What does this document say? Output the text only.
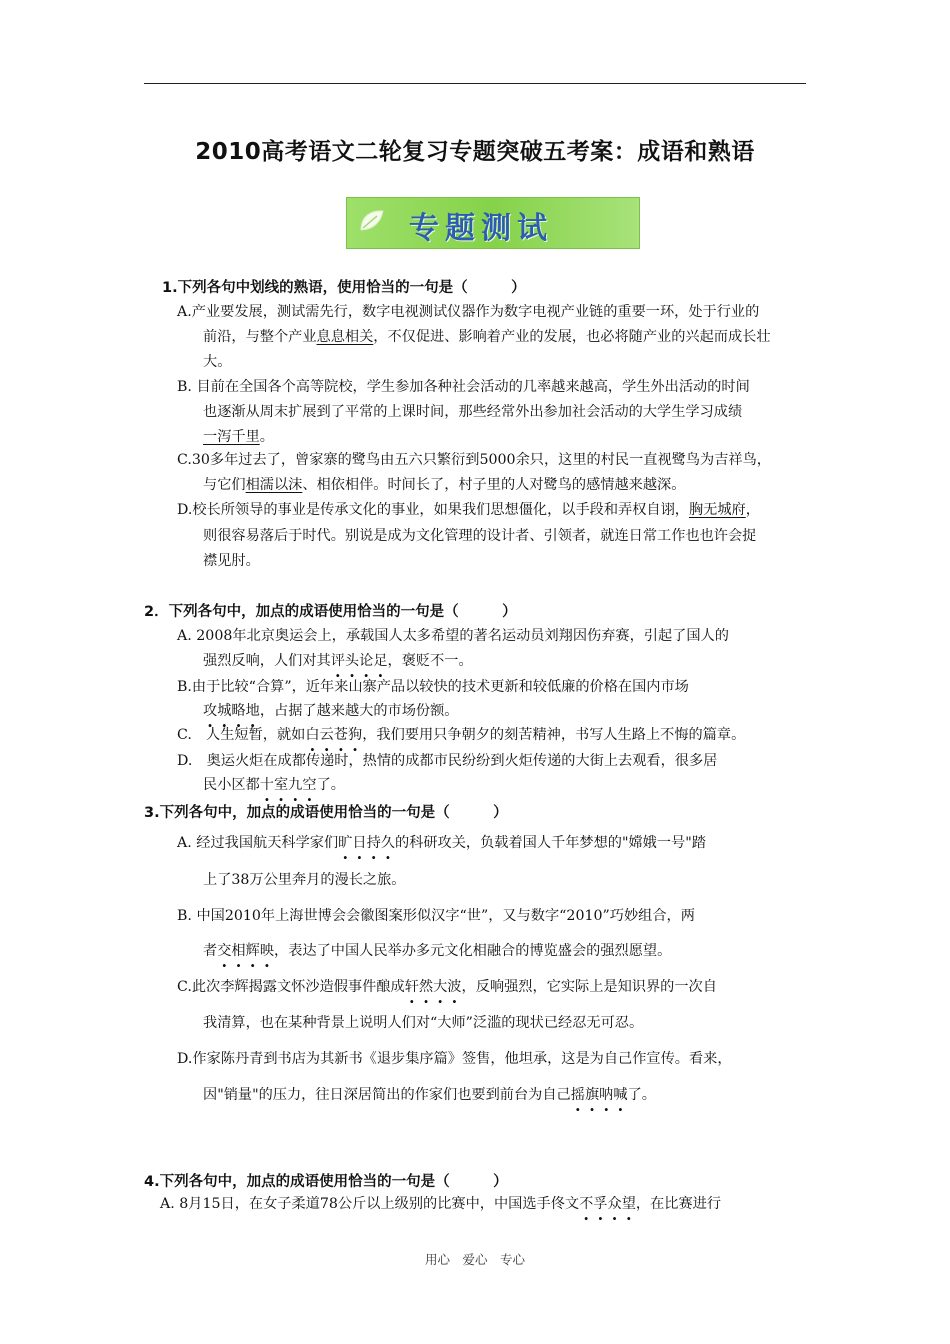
2010高考语文二轮复习专题突破五考案：成语和熟语
专题测试
1.下列各句中划线的熟语，使用恰当的一句是（　　　）
A.产业要发展，测试需先行，数字电视测试仪器作为数字电视产业链的重要一环，处于行业的
前沿，与整个产业息息相关，不仅促进、影响着产业的发展，也必将随产业的兴起而成长壮
大。
B. 目前在全国各个高等院校，学生参加各种社会活动的几率越来越高，学生外出活动的时间
也逐渐从周末扩展到了平常的上课时间，那些经常外出参加社会活动的大学生学习成绩
一泻千里。
C.30多年过去了，曾家寨的鹭鸟由五六只繁衍到5000余只，这里的村民一直视鹭鸟为吉祥鸟，
与它们相濡以沫、相依相伴。时间长了，村子里的人对鹭鸟的感情越来越深。
D.校长所领导的事业是传承文化的事业，如果我们思想僵化，以手段和弄权自诩，胸无城府，
则很容易落后于时代。别说是成为文化管理的设计者、引领者，就连日常工作也也许会捉
襟见肘。
2．下列各句中，加点的成语使用恰当的一句是（　　　）
A. 2008年北京奥运会上，承载国人太多希望的著名运动员刘翔因伤弃赛，引起了国人的
强烈反响，人们对其评头论足，褒贬不一。
B.由于比较“合算”，近年来山寨产品以较快的技术更新和较低廉的价格在国内市场
攻城略地，占据了越来越大的市场份额。
C.　人生短暂，就如白云苍狗，我们要用只争朝夕的刻苦精神，书写人生路上不悔的篇章。
D.　奥运火炬在成都传递时，热情的成都市民纷纷到火炬传递的大街上去观看，很多居
民小区都十室九空了。
3.下列各句中，加点的成语使用恰当的一句是（　　　）
A. 经过我国航天科学家们旷日持久的科研攻关，负载着国人千年梦想的"嫦娥一号"踏
上了38万公里奔月的漫长之旅。
B. 中国2010年上海世博会会徽图案形似汉字“世”，又与数字“2010”巧妙组合，两
者交相辉映，表达了中国人民举办多元文化相融合的博览盛会的强烈愿望。
C.此次李辉揭露文怀沙造假事件酿成轩然大波，反响强烈，它实际上是知识界的一次自
我清算，也在某种背景上说明人们对“大师”泛滥的现状已经忍无可忍。
D.作家陈丹青到书店为其新书《退步集序篇》签售，他坦承，这是为自己作宣传。看来，
因"销量"的压力，往日深居简出的作家们也要到前台为自己摇旗呐喊了。
4.下列各句中，加点的成语使用恰当的一句是（　　　）
A. 8月15日，在女子柔道78公斤以上级别的比赛中，中国选手佟文不孚众望，在比赛进行
用心　爱心　专心
